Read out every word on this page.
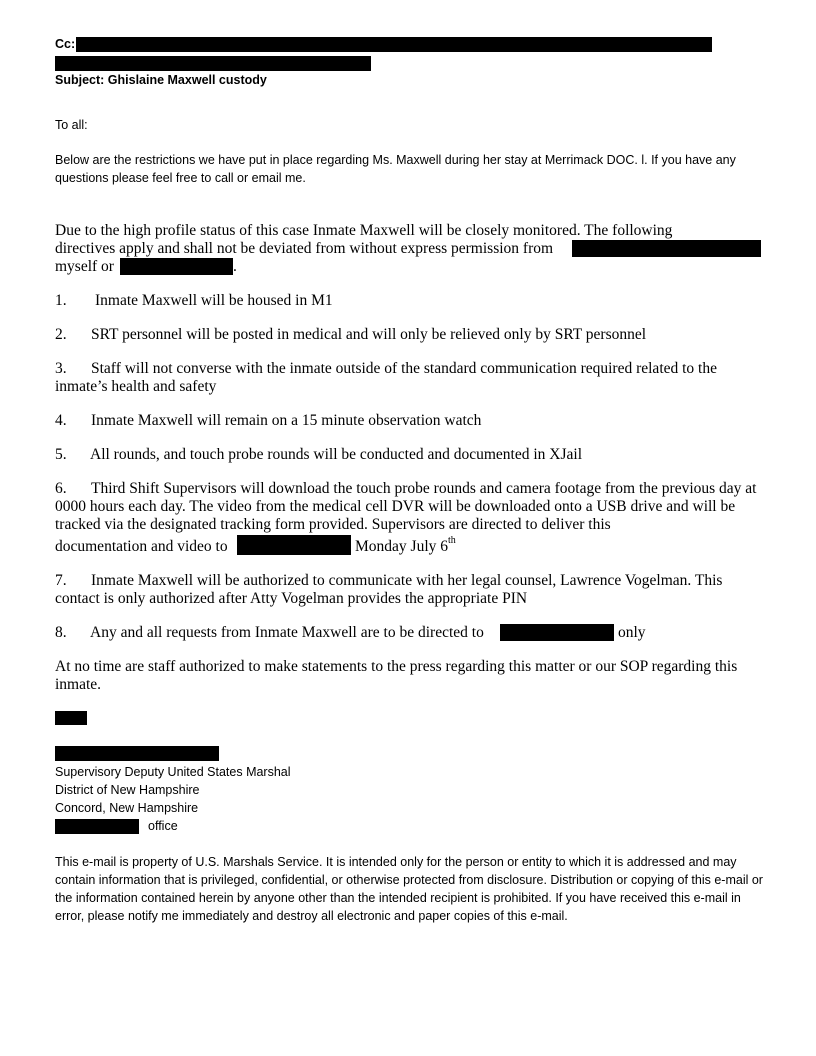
Cc:
Subject: Ghislaine Maxwell custody
To all:
Below are the restrictions we have put in place regarding Ms. Maxwell during her stay at Merrimack DOC. l. If you have any questions please feel free to call or email me.
Due to the high profile status of this case Inmate Maxwell will be closely monitored. The following
directives apply and shall not be deviated from without express permission from
myself or	.
1. Inmate Maxwell will be housed in M1
2. SRT personnel will be posted in medical and will only be relieved only by SRT personnel
3. Staff will not converse with the inmate outside of the standard communication required related to the inmate’s health and safety
4. Inmate Maxwell will remain on a 15 minute observation watch
5. All rounds, and touch probe rounds will be conducted and documented in XJail
6. Third Shift Supervisors will download the touch probe rounds and camera footage from the previous day at 0000 hours each day. The video from the medical cell DVR will be downloaded onto a USB drive and will be tracked via the designated tracking form provided. Supervisors are directed to deliver this
documentation and video to	Monday July 6th
7. Inmate Maxwell will be authorized to communicate with her legal counsel, Lawrence Vogelman. This contact is only authorized after Atty Vogelman provides the appropriate PIN
8. Any and all requests from Inmate Maxwell are to be directed to	only
At no time are staff authorized to make statements to the press regarding this matter or our SOP regarding this inmate.
Supervisory Deputy United States Marshal
District of New Hampshire
Concord, New Hampshire
office
This e-mail is property of U.S. Marshals Service. It is intended only for the person or entity to which it is addressed and may contain information that is privileged, confidential, or otherwise protected from disclosure. Distribution or copying of this e-mail or the information contained herein by anyone other than the intended recipient is prohibited. If you have received this e-mail in error, please notify me immediately and destroy all electronic and paper copies of this e-mail.
